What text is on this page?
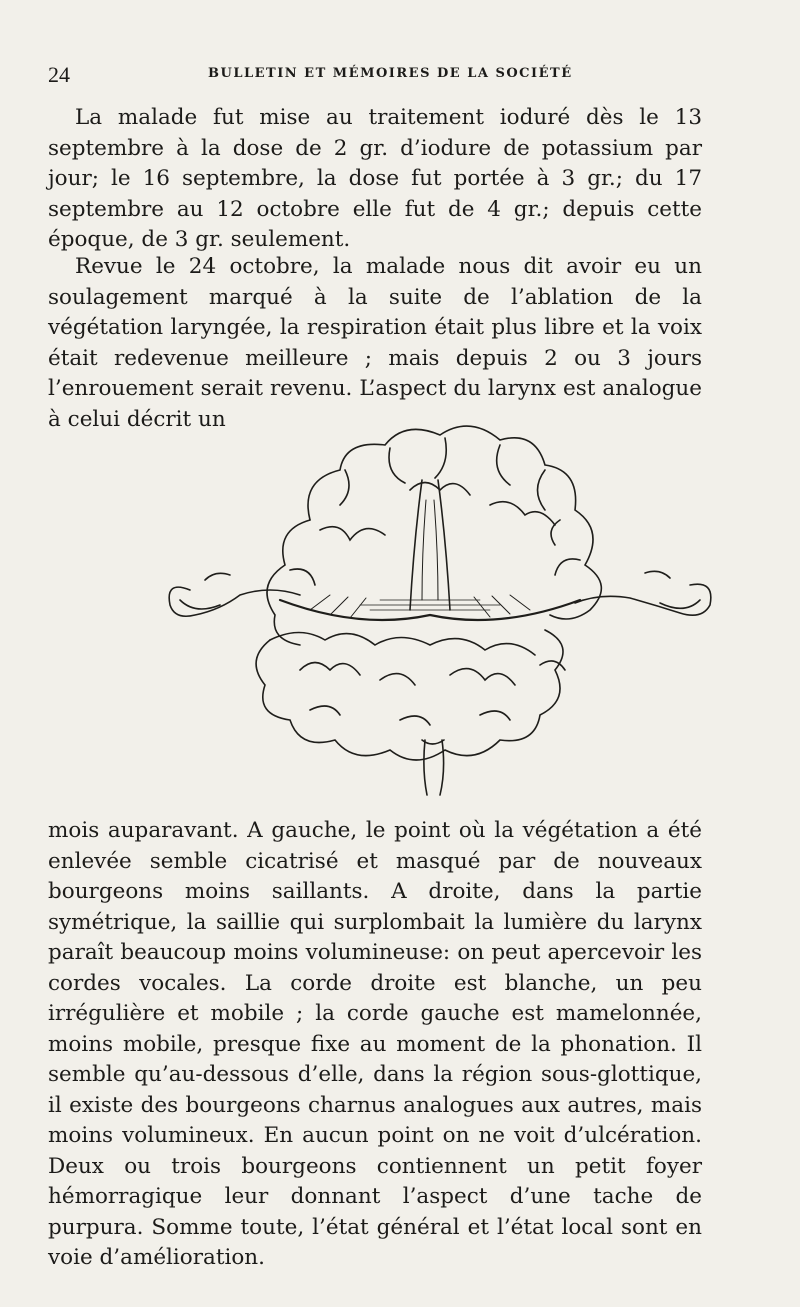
24	BULLETIN ET MÉMOIRES DE LA SOCIÉTÉ

La malade fut mise au traitement ioduré dès le 13 septembre à la dose de 2 gr. d’iodure de potassium par jour; le 16 septembre, la dose fut portée à 3 gr.; du 17 septembre au 12 octobre elle fut de 4 gr.; depuis cette époque, de 3 gr. seulement.

Revue le 24 octobre, la malade nous dit avoir eu un soulagement marqué à la suite de l’ablation de la végétation laryngée, la respiration était plus libre et la voix était redevenue meilleure ; mais depuis 2 ou 3 jours l’enrouement serait revenu. L’aspect du larynx est analogue à celui décrit un

mois auparavant. A gauche, le point où la végétation a été enlevée semble cicatrisé et masqué par de nouveaux bourgeons moins saillants. A droite, dans la partie symétrique, la saillie qui surplombait la lumière du larynx paraît beaucoup moins volumineuse: on peut apercevoir les cordes vocales. La corde droite est blanche, un peu irrégulière et mobile ; la corde gauche est mamelonnée, moins mobile, presque fixe au moment de la phonation. Il semble qu’au-dessous d’elle, dans la région sous-glottique, il existe des bourgeons charnus analogues aux autres, mais moins volumineux. En aucun point on ne voit d’ulcération. Deux ou trois bourgeons contiennent un petit foyer hémorragique leur donnant l’aspect d’une tache de purpura. Somme toute, l’état général et l’état local sont en voie d’amélioration.
